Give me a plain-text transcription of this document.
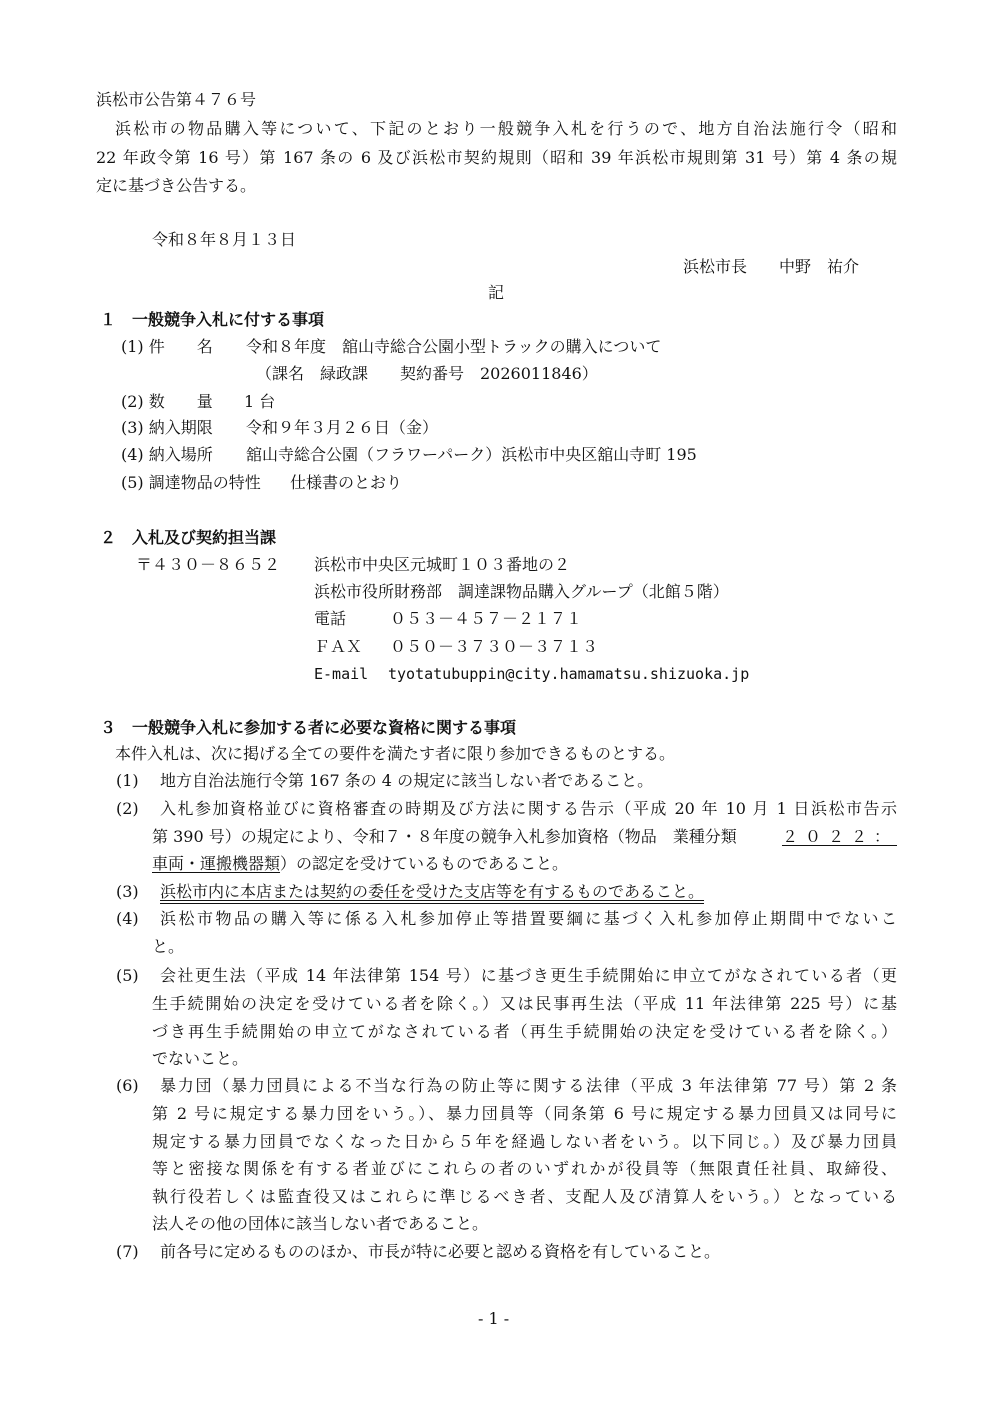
浜松市公告第４７６号
浜松市の物品購入等について、下記のとおり一般競争入札を行うので、地方自治法施行令（昭和
22 年政令第 16 号）第 167 条の 6 及び浜松市契約規則（昭和 39 年浜松市規則第 31 号）第 4 条の規
定に基づき公告する。
令和８年８月１３日
浜松市長　　中野　祐介
記
１　一般競争入札に付する事項
(1) 件　　名 令和８年度　舘山寺総合公園小型トラックの購入について
（課名　緑政課　　契約番号　2026011846）
(2) 数　　量 1 台
(3) 納入期限 令和９年３月２６日（金）
(4) 納入場所 舘山寺総合公園（フラワーパーク）浜松市中央区舘山寺町 195
(5) 調達物品の特性 仕様書のとおり
２　入札及び契約担当課
〒４３０－８６５２ 浜松市中央区元城町１０３番地の２
浜松市役所財務部　調達課物品購入グループ（北館５階）
電話	０５３－４５７－２１７１
ＦＡＸ ０５０－３７３０－３７１３
E-mail tyotatubuppin@city.hamamatsu.shizuoka.jp
３　一般競争入札に参加する者に必要な資格に関する事項
本件入札は、次に掲げる全ての要件を満たす者に限り参加できるものとする。
(1) 地方自治法施行令第 167 条の 4 の規定に該当しない者であること。
(2) 入札参加資格並びに資格審査の時期及び方法に関する告示（平成 20 年 10 月 1 日浜松市告示
第 390 号）の規定により、令和７・８年度の競争入札参加資格（物品　業種分類	２０２２：
車両・運搬機器類）の認定を受けているものであること。
(3) 浜松市内に本店または契約の委任を受けた支店等を有するものであること。
(4) 浜松市物品の購入等に係る入札参加停止等措置要綱に基づく入札参加停止期間中でないこ
と。
(5) 会社更生法（平成 14 年法律第 154 号）に基づき更生手続開始に申立てがなされている者（更
生手続開始の決定を受けている者を除く。）又は民事再生法（平成 11 年法律第 225 号）に基
づき再生手続開始の申立てがなされている者（再生手続開始の決定を受けている者を除く。）
でないこと。
(6) 暴力団（暴力団員による不当な行為の防止等に関する法律（平成 3 年法律第 77 号）第 2 条
第 2 号に規定する暴力団をいう。）、暴力団員等（同条第 6 号に規定する暴力団員又は同号に
規定する暴力団員でなくなった日から５年を経過しない者をいう。以下同じ。）及び暴力団員
等と密接な関係を有する者並びにこれらの者のいずれかが役員等（無限責任社員、取締役、
執行役若しくは監査役又はこれらに準じるべき者、支配人及び清算人をいう。）となっている
法人その他の団体に該当しない者であること。
(7) 前各号に定めるもののほか、市長が特に必要と認める資格を有していること。
- 1 -
